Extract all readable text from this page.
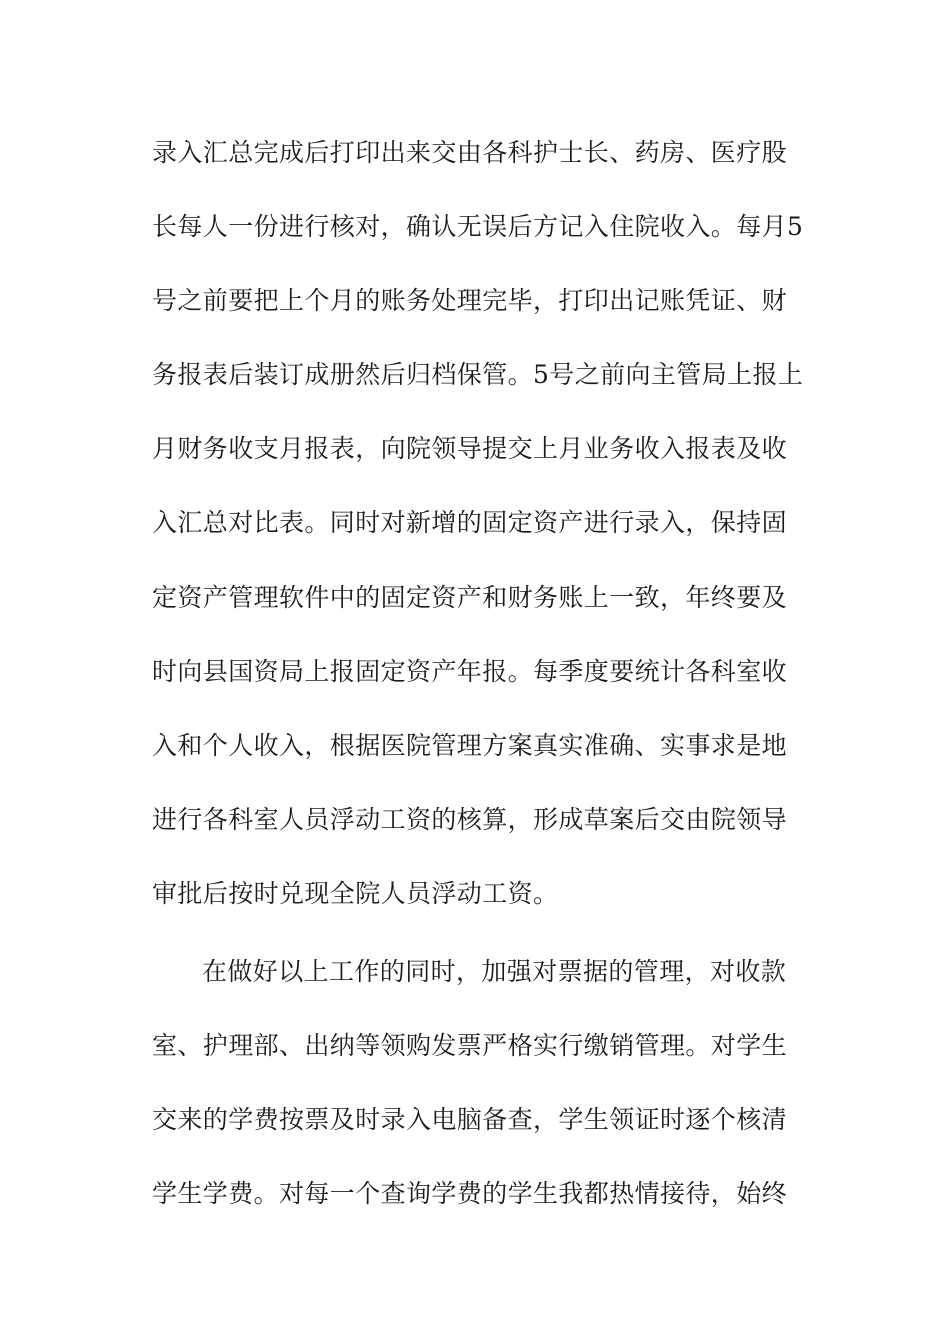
录入汇总完成后打印出来交由各科护士长、药房、医疗股
长每人一份进行核对，确认无误后方记入住院收入。每月5
号之前要把上个月的账务处理完毕，打印出记账凭证、财
务报表后装订成册然后归档保管。5号之前向主管局上报上
月财务收支月报表，向院领导提交上月业务收入报表及收
入汇总对比表。同时对新增的固定资产进行录入，保持固
定资产管理软件中的固定资产和财务账上一致，年终要及
时向县国资局上报固定资产年报。每季度要统计各科室收
入和个人收入，根据医院管理方案真实准确、实事求是地
进行各科室人员浮动工资的核算，形成草案后交由院领导
审批后按时兑现全院人员浮动工资。
在做好以上工作的同时，加强对票据的管理，对收款
室、护理部、出纳等领购发票严格实行缴销管理。对学生
交来的学费按票及时录入电脑备查，学生领证时逐个核清
学生学费。对每一个查询学费的学生我都热情接待，始终
